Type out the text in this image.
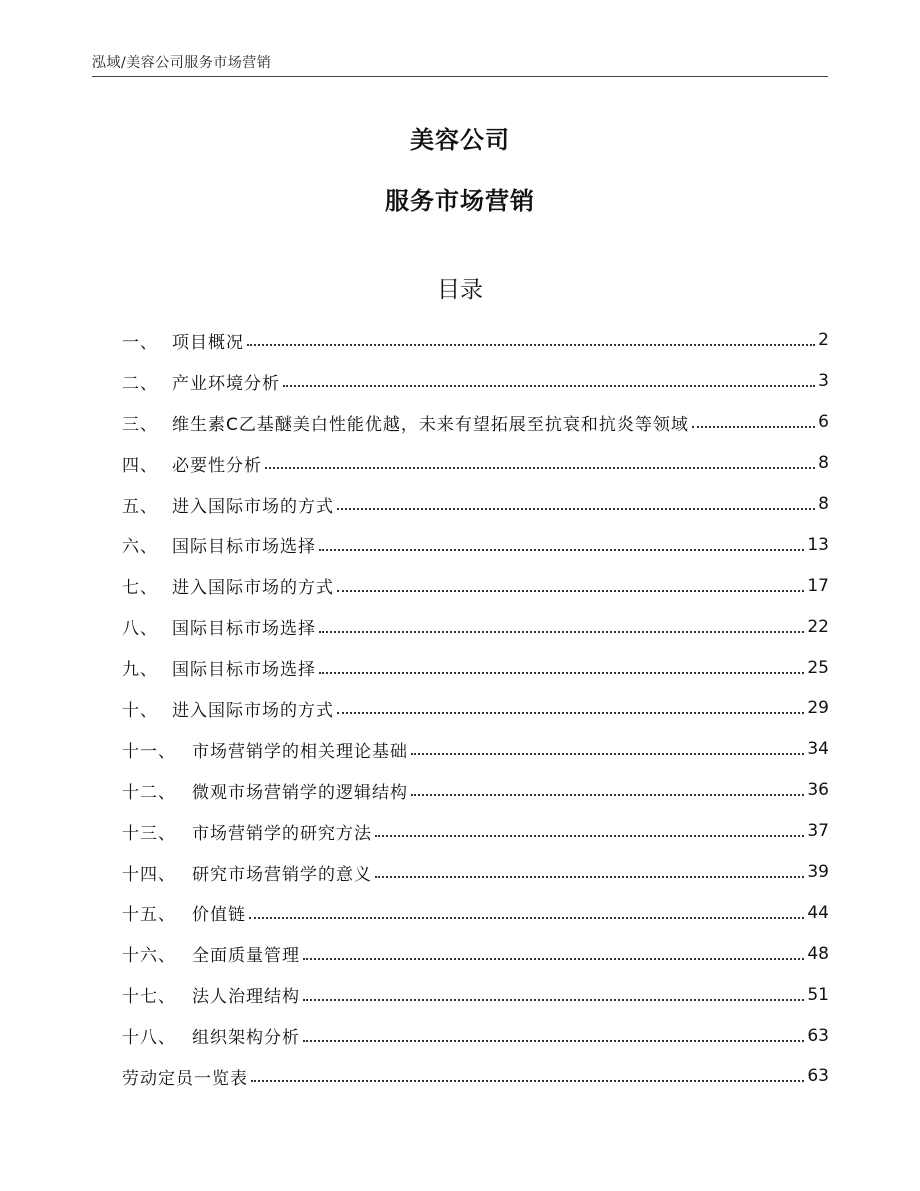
泓域/美容公司服务市场营销
美容公司
服务市场营销
目录
一、 项目概况	2
二、 产业环境分析	3
三、 维生素C乙基醚美白性能优越，未来有望拓展至抗衰和抗炎等领域	6
四、 必要性分析	8
五、 进入国际市场的方式	8
六、 国际目标市场选择	13
七、 进入国际市场的方式	17
八、 国际目标市场选择	22
九、 国际目标市场选择	25
十、 进入国际市场的方式	29
十一、 市场营销学的相关理论基础	34
十二、 微观市场营销学的逻辑结构	36
十三、 市场营销学的研究方法	37
十四、 研究市场营销学的意义	39
十五、 价值链	44
十六、 全面质量管理	48
十七、 法人治理结构	51
十八、 组织架构分析	63
劳动定员一览表	63
